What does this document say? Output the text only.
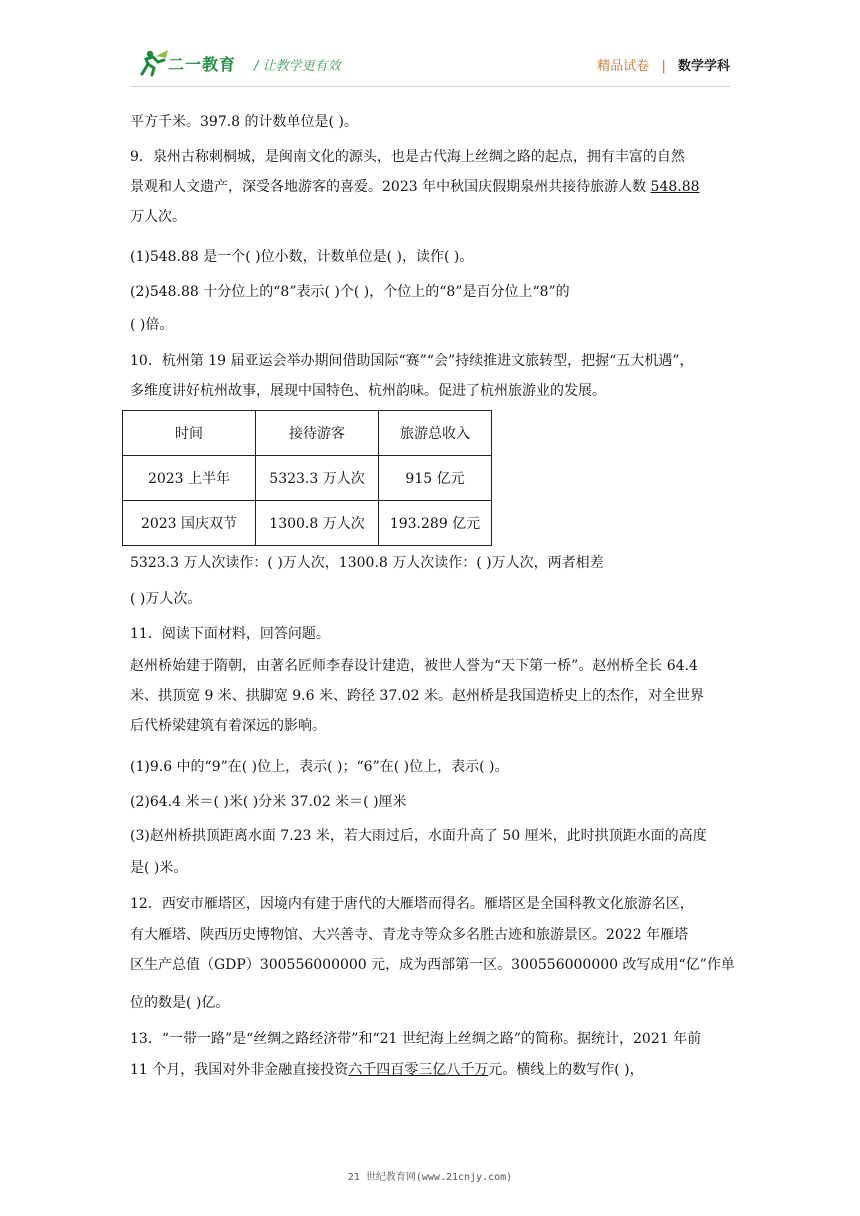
二一教育 / 让教学更有效	精品试卷 | 数学学科
平方千米。397.8 的计数单位是( )。
9．泉州古称刺桐城，是闽南文化的源头，也是古代海上丝绸之路的起点，拥有丰富的自然
景观和人文遗产，深受各地游客的喜爱。2023 年中秋国庆假期泉州共接待旅游人数 548.88
万人次。
(1)548.88 是一个( )位小数，计数单位是( )，读作( )。
(2)548.88 十分位上的“8”表示( )个( )，个位上的“8”是百分位上“8”的
( )倍。
10．杭州第 19 届亚运会举办期间借助国际“赛”“会”持续推进文旅转型，把握“五大机遇”，
多维度讲好杭州故事，展现中国特色、杭州韵味。促进了杭州旅游业的发展。
时间	接待游客	旅游总收入
2023 上半年	5323.3 万人次	915 亿元
2023 国庆双节	1300.8 万人次	193.289 亿元
5323.3 万人次读作：( )万人次，1300.8 万人次读作：( )万人次，两者相差
( )万人次。
11．阅读下面材料，回答问题。
赵州桥始建于隋朝，由著名匠师李春设计建造，被世人誉为“天下第一桥”。赵州桥全长 64.4
米、拱顶宽 9 米、拱脚宽 9.6 米、跨径 37.02 米。赵州桥是我国造桥史上的杰作，对全世界
后代桥梁建筑有着深远的影响。
(1)9.6 中的“9”在( )位上，表示( )；“6”在( )位上，表示( )。
(2)64.4 米＝( )米( )分米 37.02 米＝( )厘米
(3)赵州桥拱顶距离水面 7.23 米，若大雨过后，水面升高了 50 厘米，此时拱顶距水面的高度
是( )米。
12．西安市雁塔区，因境内有建于唐代的大雁塔而得名。雁塔区是全国科教文化旅游名区，
有大雁塔、陕西历史博物馆、大兴善寺、青龙寺等众多名胜古迹和旅游景区。2022 年雁塔
区生产总值（GDP）300556000000 元，成为西部第一区。300556000000 改写成用“亿”作单
位的数是( )亿。
13．“一带一路”是“丝绸之路经济带”和“21 世纪海上丝绸之路”的简称。据统计，2021 年前
11 个月，我国对外非金融直接投资六千四百零三亿八千万元。横线上的数写作( )，
21 世纪教育网(www.21cnjy.com)
